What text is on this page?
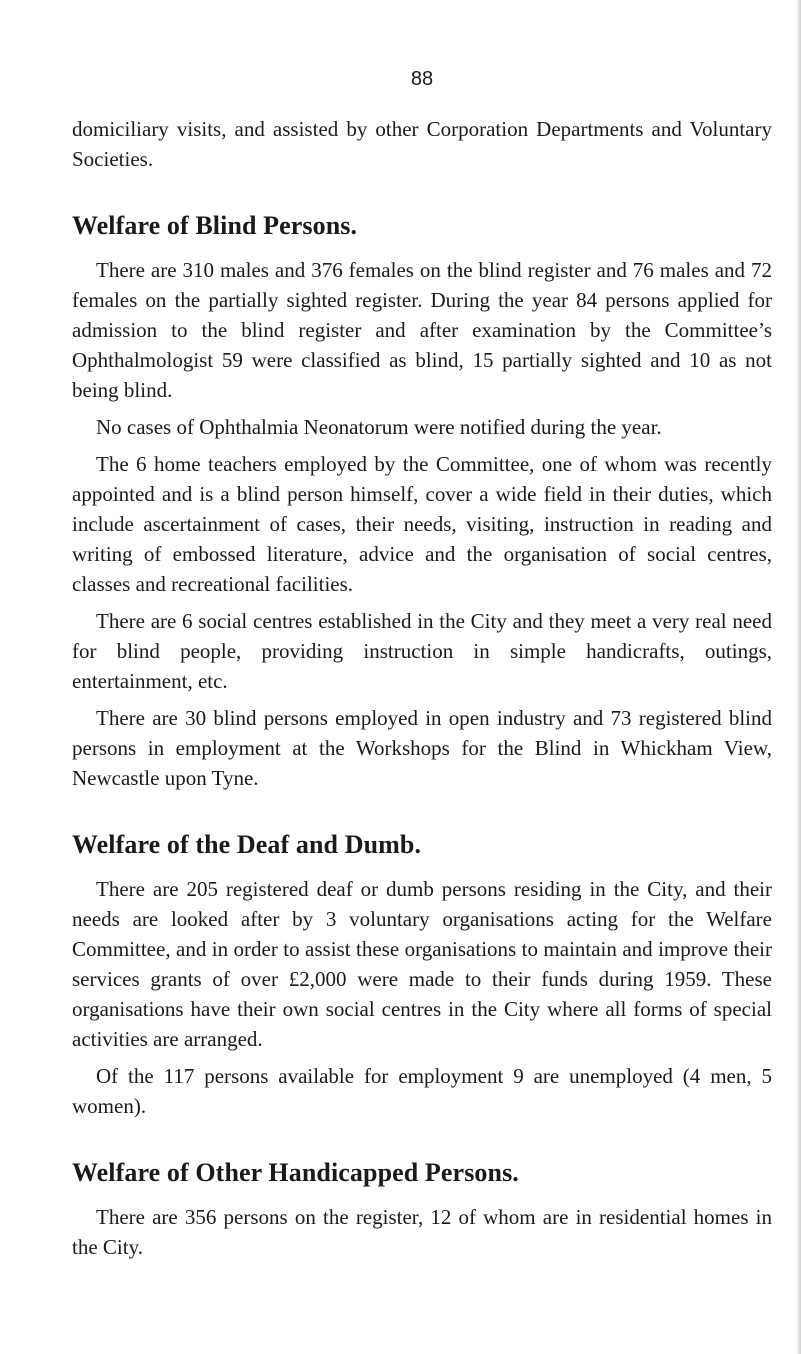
88

domiciliary visits, and assisted by other Corporation Departments and Voluntary Societies.

Welfare of Blind Persons.

There are 310 males and 376 females on the blind register and 76 males and 72 females on the partially sighted register. During the year 84 persons applied for admission to the blind register and after examination by the Committee’s Ophthalmologist 59 were classified as blind, 15 partially sighted and 10 as not being blind.

No cases of Ophthalmia Neonatorum were notified during the year.

The 6 home teachers employed by the Committee, one of whom was recently appointed and is a blind person himself, cover a wide field in their duties, which include ascertainment of cases, their needs, visiting, instruction in reading and writing of embossed literature, advice and the organisation of social centres, classes and recreational facilities.

There are 6 social centres established in the City and they meet a very real need for blind people, providing instruction in simple handicrafts, outings, entertainment, etc.

There are 30 blind persons employed in open industry and 73 registered blind persons in employment at the Workshops for the Blind in Whickham View, Newcastle upon Tyne.

Welfare of the Deaf and Dumb.

There are 205 registered deaf or dumb persons residing in the City, and their needs are looked after by 3 voluntary organisations acting for the Welfare Committee, and in order to assist these organisations to maintain and improve their services grants of over £2,000 were made to their funds during 1959. These organisations have their own social centres in the City where all forms of special activities are arranged.

Of the 117 persons available for employment 9 are unemployed (4 men, 5 women).

Welfare of Other Handicapped Persons.

There are 356 persons on the register, 12 of whom are in residential homes in the City.
